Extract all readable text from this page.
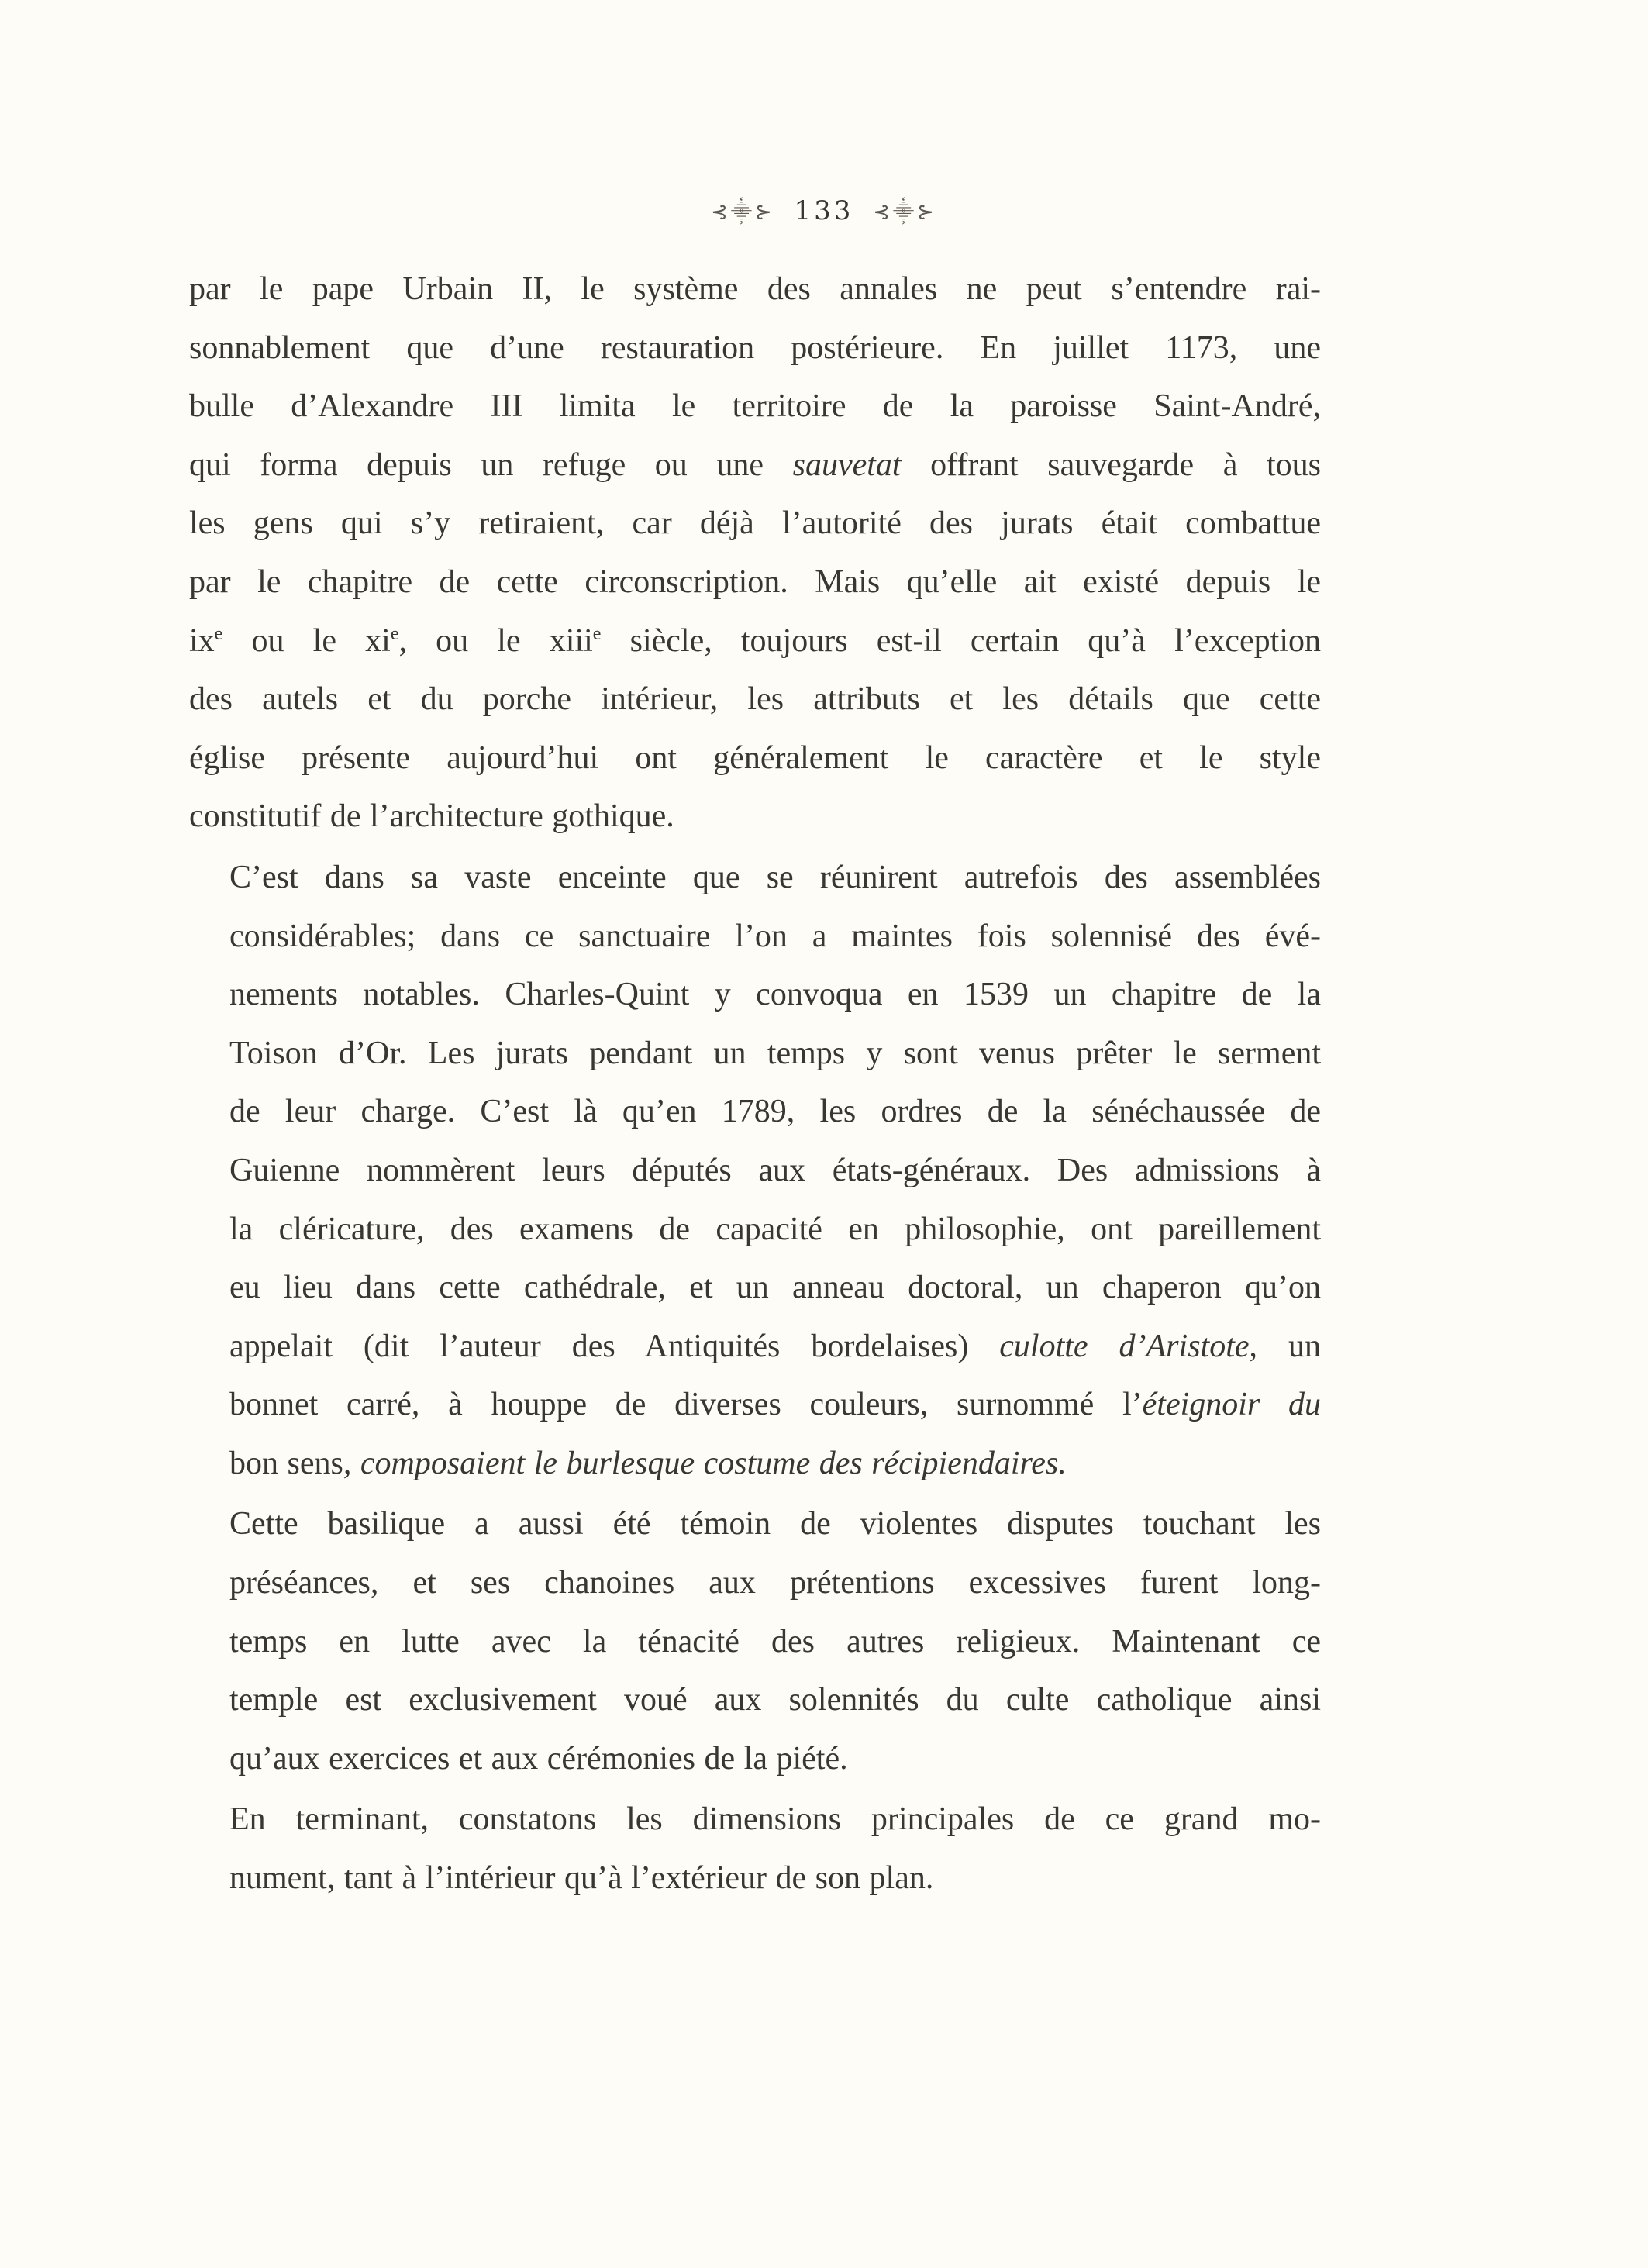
⊰⸎⊱ 133 ⊰⸎⊱
par le pape Urbain II, le système des annales ne peut s’entendre rai-
sonnablement que d’une restauration postérieure. En juillet 1173, une
bulle d’Alexandre III limita le territoire de la paroisse Saint-André,
qui forma depuis un refuge ou une sauvetat offrant sauvegarde à tous
les gens qui s’y retiraient, car déjà l’autorité des jurats était combattue
par le chapitre de cette circonscription. Mais qu’elle ait existé depuis le
$ix^e$ ou le $xi^e$, ou le xiii$^e$ siècle, toujours est-il certain qu’à l’exception
des autels et du porche intérieur, les attributs et les détails que cette
église présente aujourd’hui ont généralement le caractère et le style
constitutif de l’architecture gothique.
C’est dans sa vaste enceinte que se réunirent autrefois des assemblées
considérables; dans ce sanctuaire l’on a maintes fois solennisé des évé-
nements notables. Charles-Quint y convoqua en 1539 un chapitre de la
Toison d’Or. Les jurats pendant un temps y sont venus prêter le serment
de leur charge. C’est là qu’en 1789, les ordres de la sénéchaussée de
Guienne nommèrent leurs députés aux états-généraux. Des admissions à
la cléricature, des examens de capacité en philosophie, ont pareillement
eu lieu dans cette cathédrale, et un anneau doctoral, un chaperon qu’on
appelait (dit l’auteur des Antiquités bordelaises) culotte d’Aristote, un
bonnet carré, à houppe de diverses couleurs, surnommé l’éteignoir du
bon sens, composaient le burlesque costume des récipiendaires.
Cette basilique a aussi été témoin de violentes disputes touchant les
préséances, et ses chanoines aux prétentions excessives furent long-
temps en lutte avec la ténacité des autres religieux. Maintenant ce
temple est exclusivement voué aux solennités du culte catholique ainsi
qu’aux exercices et aux cérémonies de la piété.
En terminant, constatons les dimensions principales de ce grand mo-
nument, tant à l’intérieur qu’à l’extérieur de son plan.
